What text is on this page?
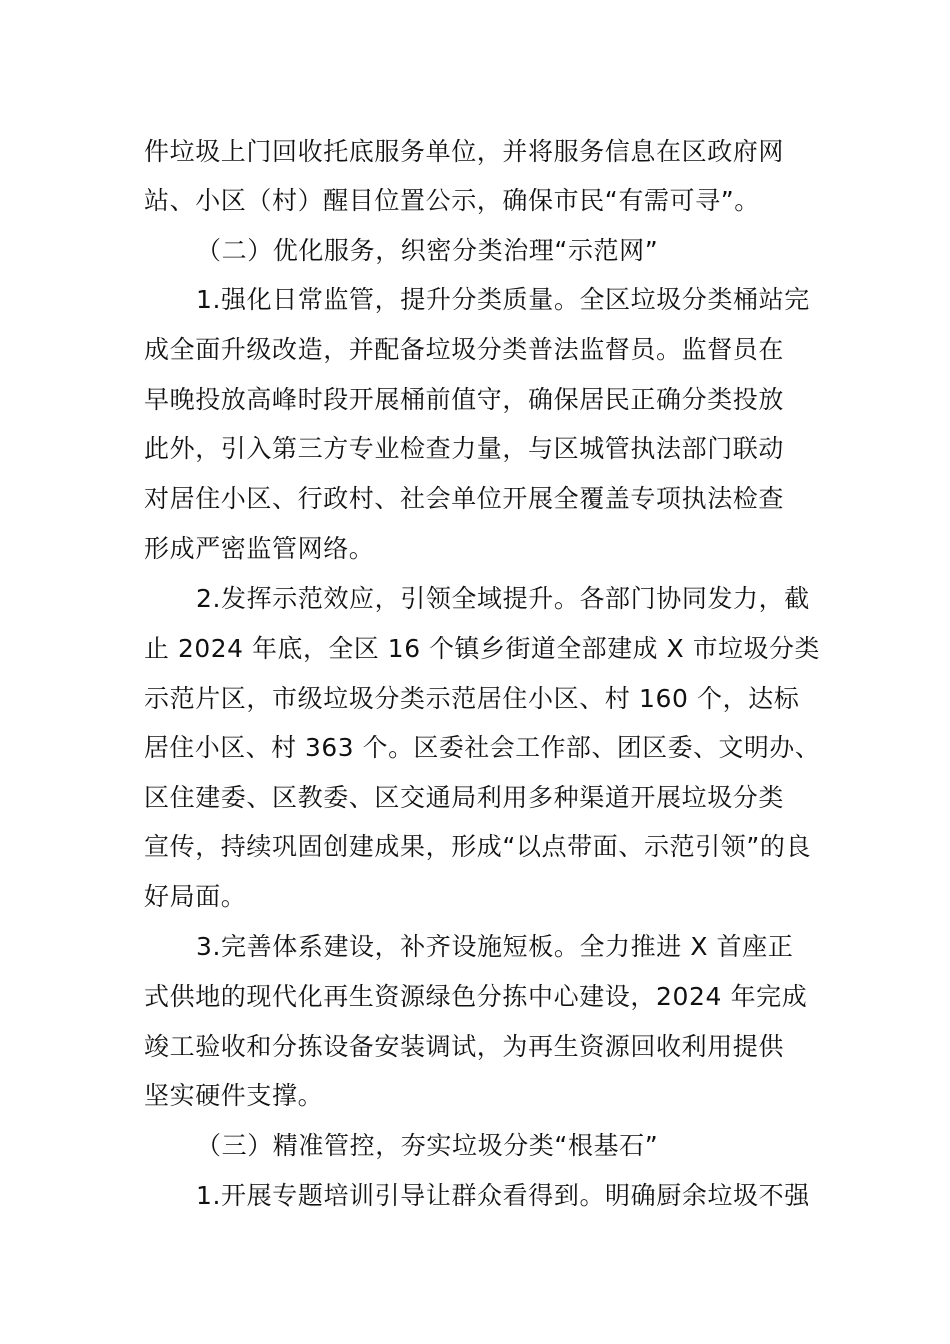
件垃圾上门回收托底服务单位，并将服务信息在区政府网
站、小区（村）醒目位置公示，确保市民“有需可寻”。
（二）优化服务，织密分类治理“示范网”
1.强化日常监管，提升分类质量。全区垃圾分类桶站完
成全面升级改造，并配备垃圾分类普法监督员。监督员在
早晚投放高峰时段开展桶前值守，确保居民正确分类投放
此外，引入第三方专业检查力量，与区城管执法部门联动
对居住小区、行政村、社会单位开展全覆盖专项执法检查
形成严密监管网络。
2.发挥示范效应，引领全域提升。各部门协同发力，截
止 2024 年底，全区 16 个镇乡街道全部建成 X 市垃圾分类
示范片区，市级垃圾分类示范居住小区、村 160 个，达标
居住小区、村 363 个。区委社会工作部、团区委、文明办、
区住建委、区教委、区交通局利用多种渠道开展垃圾分类
宣传，持续巩固创建成果，形成“以点带面、示范引领”的良
好局面。
3.完善体系建设，补齐设施短板。全力推进 X 首座正
式供地的现代化再生资源绿色分拣中心建设，2024 年完成
竣工验收和分拣设备安装调试，为再生资源回收利用提供
坚实硬件支撑。
（三）精准管控，夯实垃圾分类“根基石”
1.开展专题培训引导让群众看得到。明确厨余垃圾不强
